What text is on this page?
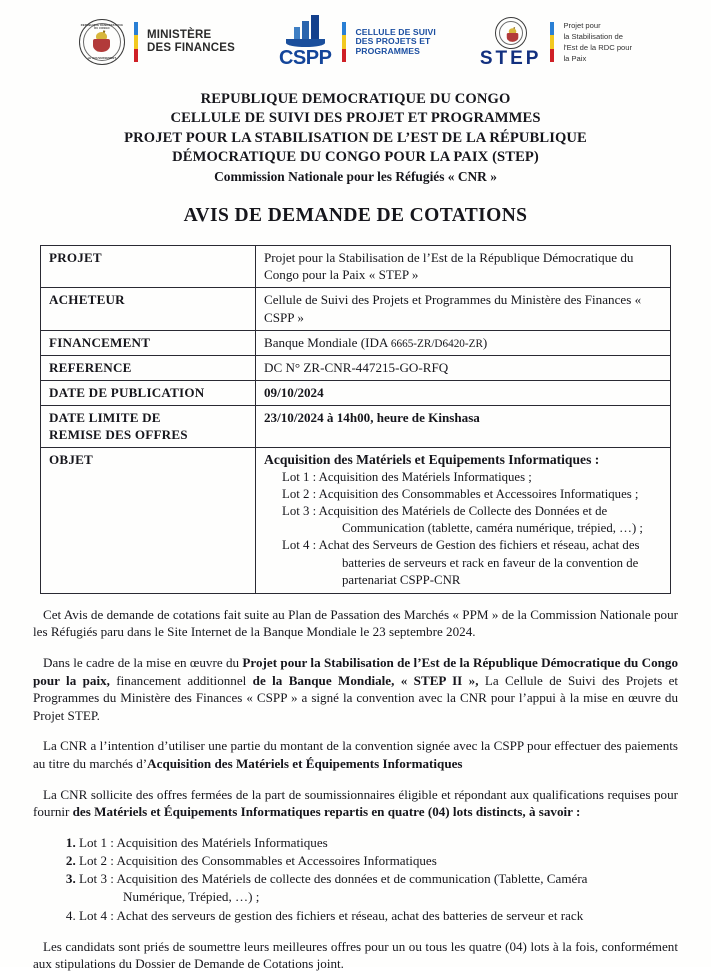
REPUBLIQUE DEMOCRATIQUE DU CONGO
LE GOUVERNEMENT
MINISTÈRE
DES FINANCES CSPP
CELLULE DE SUIVI
DES PROJETS ET
PROGRAMMES	STEP
Projet pour
la Stabilisation de
l'Est de la RDC pour
la Paix
REPUBLIQUE DEMOCRATIQUE DU CONGO
CELLULE DE SUIVI DES PROJET ET PROGRAMMES
PROJET POUR LA STABILISATION DE L’EST DE LA RÉPUBLIQUE
DÉMOCRATIQUE DU CONGO POUR LA PAIX (STEP)
Commission Nationale pour les Réfugiés « CNR »
AVIS DE DEMANDE DE COTATIONS
PROJET	Projet pour la Stabilisation de l’Est de la République Démocratique du Congo pour la Paix « STEP »
ACHETEUR	Cellule de Suivi des Projets et Programmes du Ministère des Finances « CSPP »
FINANCEMENT	Banque Mondiale (IDA 6665-ZR/D6420-ZR)
REFERENCE	DC N° ZR-CNR-447215-GO-RFQ
DATE DE PUBLICATION	09/10/2024

DATE LIMITE DE
REMISE DES OFFRES	23/10/2024 à 14h00, heure de Kinshasa
OBJET	Acquisition des Matériels et Equipements Informatiques :
Lot 1 : Acquisition des Matériels Informatiques ;
Lot 2 : Acquisition des Consommables et Accessoires Informatiques ;
Lot 3 : Acquisition des Matériels de Collecte des Données et de
Communication (tablette, caméra numérique, trépied, …) ;
Lot 4 : Achat des Serveurs de Gestion des fichiers et réseau, achat des
batteries de serveurs et rack en faveur de la convention de
partenariat CSPP-CNR

Cet Avis de demande de cotations fait suite au Plan de Passation des Marchés « PPM » de la Commission Nationale pour les Réfugiés paru dans le Site Internet de la Banque Mondiale le 23 septembre 2024.

Dans le cadre de la mise en œuvre du Projet pour la Stabilisation de l’Est de la République Démocratique du Congo pour la paix, financement additionnel de la Banque Mondiale, « STEP II », La Cellule de Suivi des Projets et Programmes du Ministère des Finances « CSPP » a signé la convention avec la CNR pour l’appui à la mise en œuvre du Projet STEP.

La CNR a l’intention d’utiliser une partie du montant de la convention signée avec la CSPP pour effectuer des paiements au titre du marchés d’Acquisition des Matériels et Équipements Informatiques

La CNR sollicite des offres fermées de la part de soumissionnaires éligible et répondant aux qualifications requises pour fournir des Matériels et Équipements Informatiques repartis en quatre (04) lots distincts, à savoir :

1. Lot 1 : Acquisition des Matériels Informatiques
2. Lot 2 : Acquisition des Consommables et Accessoires Informatiques
3. Lot 3 : Acquisition des Matériels de collecte des données et de communication (Tablette, Caméra
Numérique, Trépied, …) ;
4. Lot 4 : Achat des serveurs de gestion des fichiers et réseau, achat des batteries de serveur et rack

Les candidats sont priés de soumettre leurs meilleures offres pour un ou tous les quatre (04) lots à la fois, conformément aux stipulations du Dossier de Demande de Cotations joint.
